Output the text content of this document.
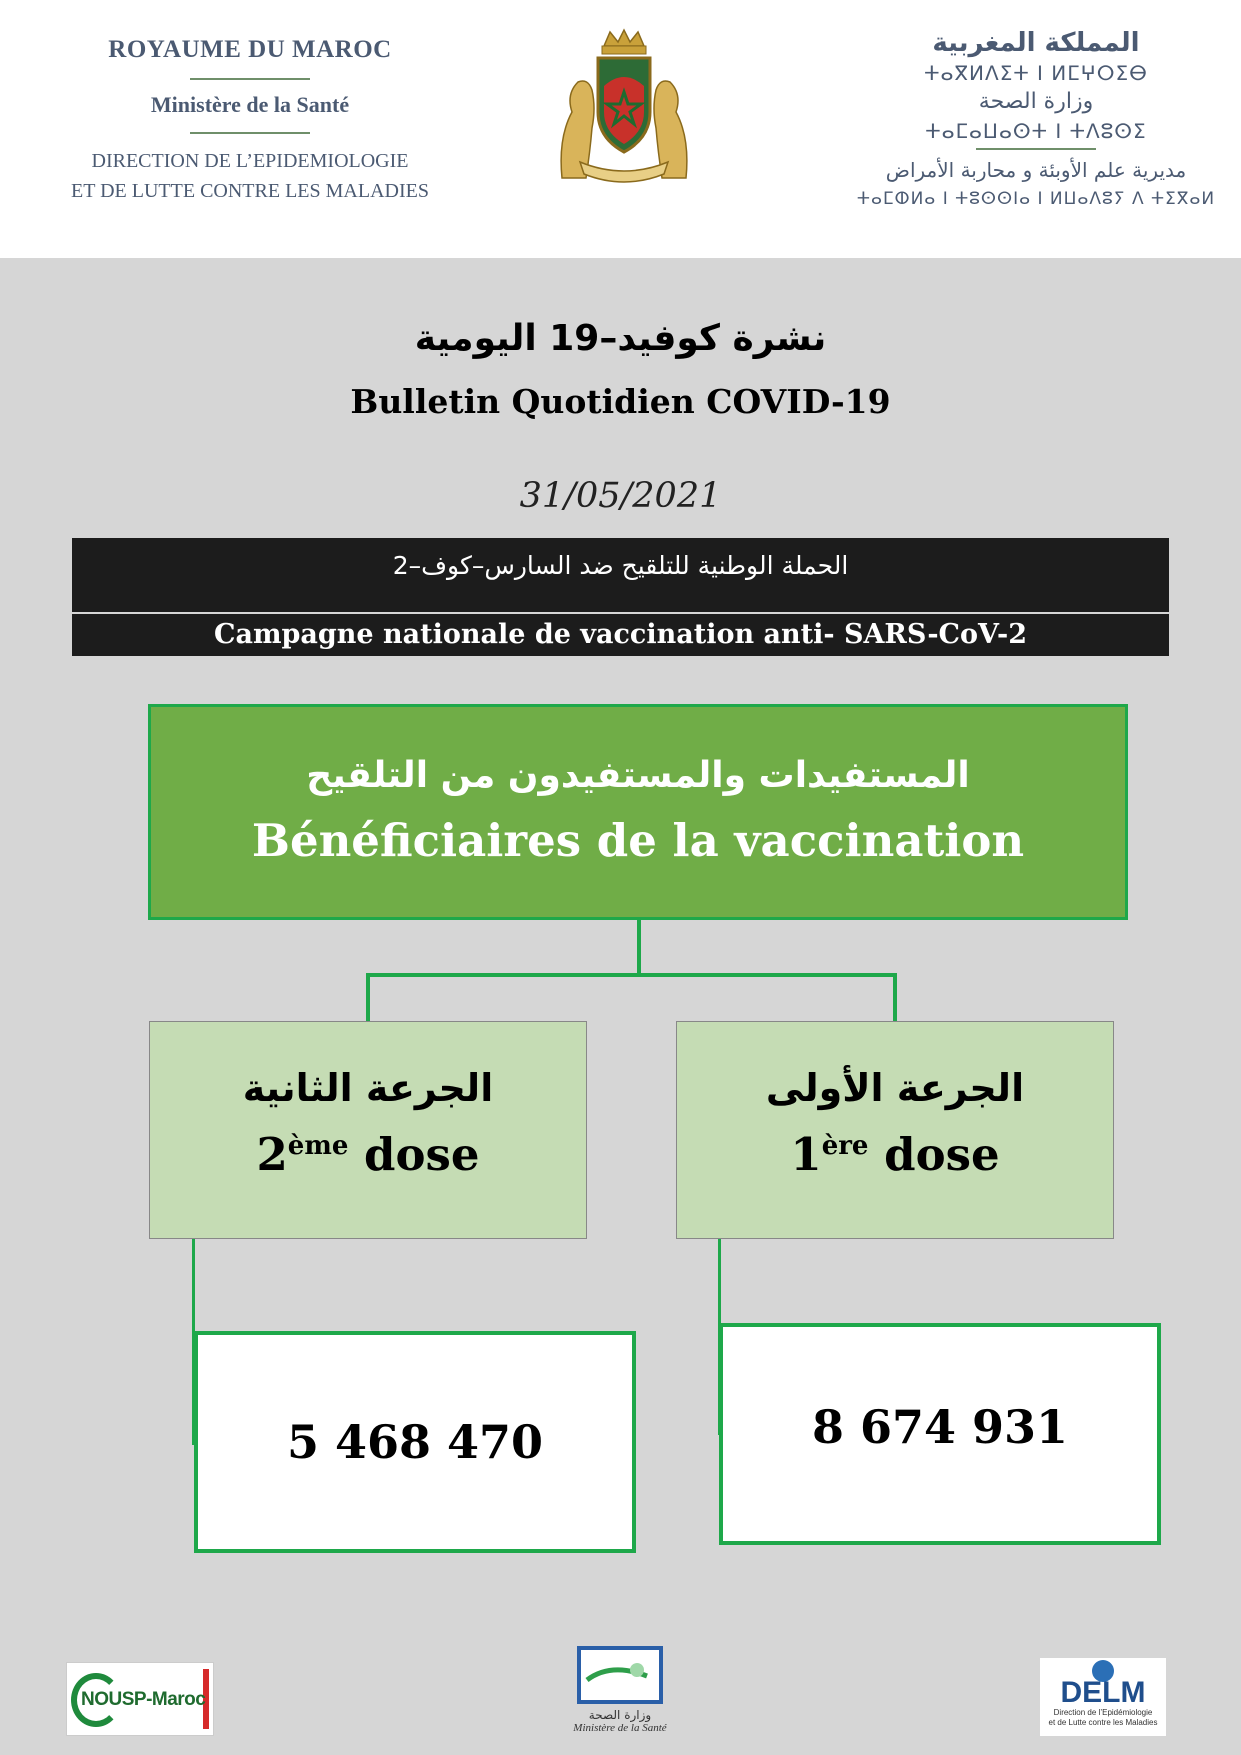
ROYAUME DU MAROC
Ministère de la Santé
DIRECTION DE L’EPIDEMIOLOGIE
ET DE LUTTE CONTRE LES MALADIES
المملكة المغربية
ⵜⴰⴳⵍⴷⵉⵜ ⵏ ⵍⵎⵖⵔⵉⴱ
وزارة الصحة
ⵜⴰⵎⴰⵡⴰⵙⵜ ⵏ ⵜⴷⵓⵙⵉ
مديرية علم الأوبئة و محاربة الأمراض
ⵜⴰⵎⵀⵍⴰ ⵏ ⵜⵓⵙⵙⵏⴰ ⵏ ⵍⵡⴰⴷⵓⵢ ⴷ ⵜⵉⴳⴰⵍ
نشرة كوفيد–19 اليومية
Bulletin Quotidien COVID-19
31/05/2021
الحملة الوطنية للتلقيح ضد السارس–كوف–2
Campagne nationale de vaccination anti- SARS-CoV-2
المستفيدات والمستفيدون من التلقيح
Bénéficiaires de la vaccination
الجرعة الثانية
2ème dose
الجرعة الأولى
1ère dose
5 468 470	8 674 931
NOUSP-Maroc
وزارة الصحة
Ministère de la Santé
DELM
Direction de l’Epidémiologie
et de Lutte contre les Maladies
